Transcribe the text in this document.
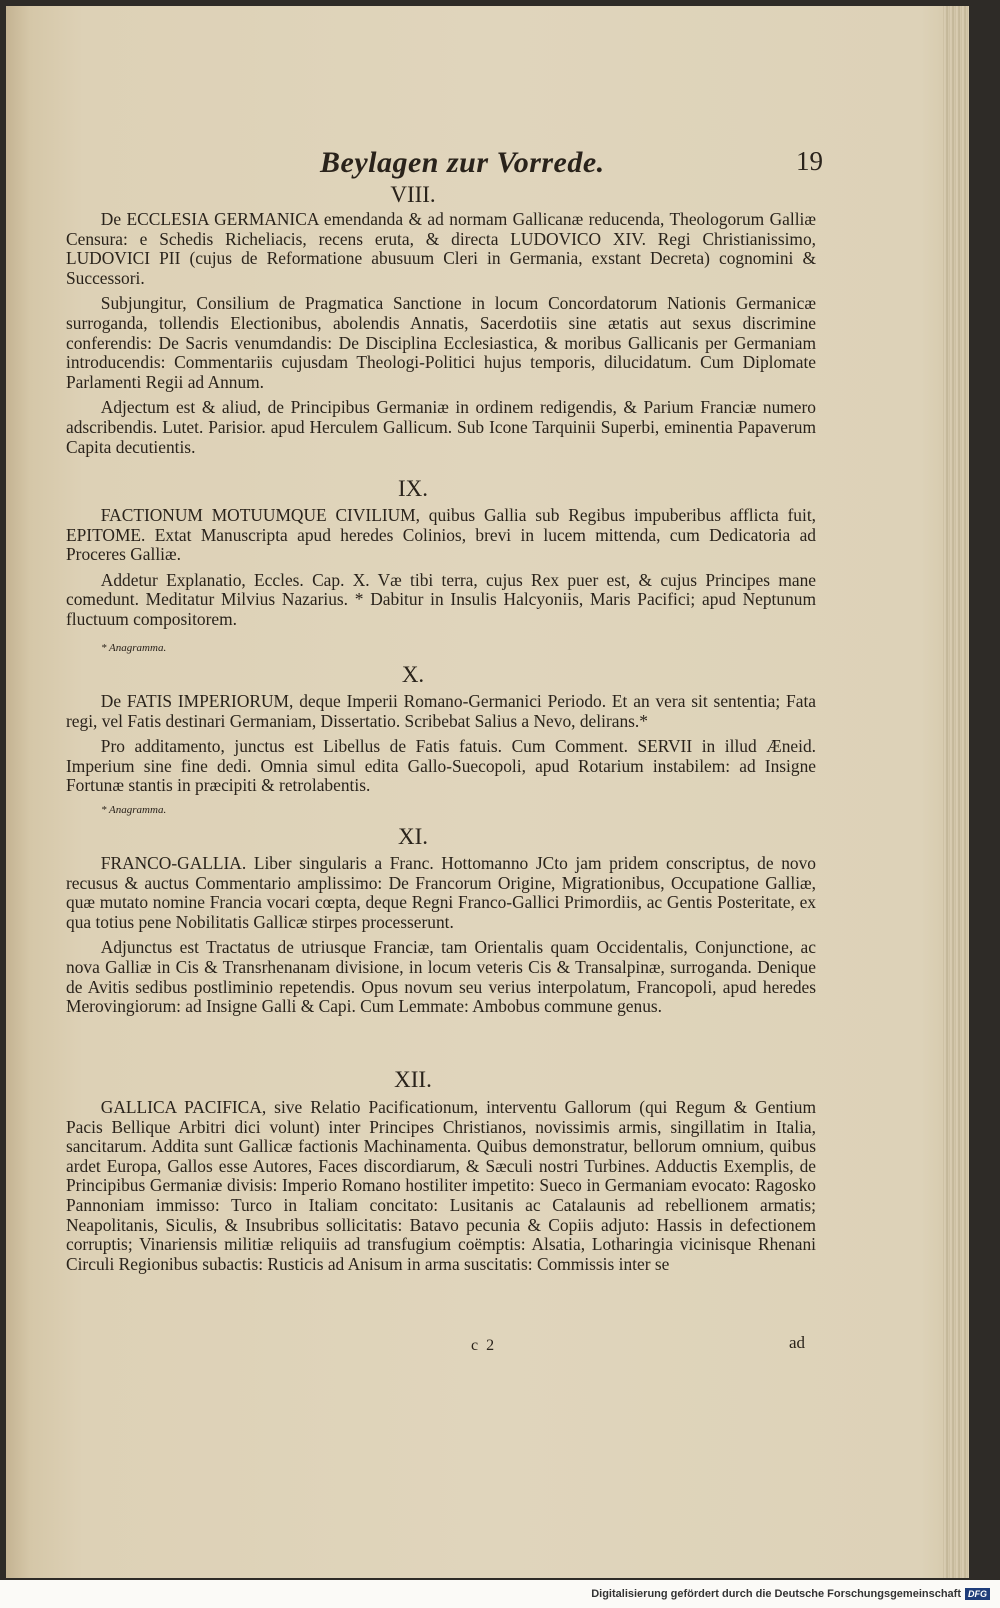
Beylagen zur Vorrede.	19
VIII.

De ECCLESIA GERMANICA emendanda & ad normam Gallicanæ reducenda, Theologorum Galliæ Censura: e Schedis Richeliacis, recens eruta, & directa LUDOVICO XIV. Regi Christianissimo, LUDOVICI PII (cujus de Reformatione abusuum Cleri in Germania, exstant Decreta) cognomini & Successori.

Subjungitur, Consilium de Pragmatica Sanctione in locum Concordatorum Nationis Germanicæ surroganda, tollendis Electionibus, abolendis Annatis, Sacerdotiis sine ætatis aut sexus discrimine conferendis: De Sacris venumdandis: De Disciplina Ecclesiastica, & moribus Gallicanis per Germaniam introducendis: Commentariis cujusdam Theologi-Politici hujus temporis, dilucidatum. Cum Diplomate Parlamenti Regii ad Annum.

Adjectum est & aliud, de Principibus Germaniæ in ordinem redigendis, & Parium Franciæ numero adscribendis. Lutet. Parisior. apud Herculem Gallicum. Sub Icone Tarquinii Superbi, eminentia Papaverum Capita decutientis.

IX.

FACTIONUM MOTUUMQUE CIVILIUM, quibus Gallia sub Regibus impuberibus afflicta fuit, EPITOME. Extat Manuscripta apud heredes Colinios, brevi in lucem mittenda, cum Dedicatoria ad Proceres Galliæ.

Addetur Explanatio, Eccles. Cap. X. Væ tibi terra, cujus Rex puer est, & cujus Principes mane comedunt. Meditatur Milvius Nazarius. * Dabitur in Insulis Halcyoniis, Maris Pacifici; apud Neptunum fluctuum compositorem.

* Anagramma.
X.

De FATIS IMPERIORUM, deque Imperii Romano-Germanici Periodo. Et an vera sit sententia; Fata regi, vel Fatis destinari Germaniam, Dissertatio. Scribebat Salius a Nevo, delirans.*

Pro additamento, junctus est Libellus de Fatis fatuis. Cum Comment. SERVII in illud Æneid. Imperium sine fine dedi. Omnia simul edita Gallo-Suecopoli, apud Rotarium instabilem: ad Insigne Fortunæ stantis in præcipiti & retrolabentis.

* Anagramma.
XI.

FRANCO-GALLIA. Liber singularis a Franc. Hottomanno JCto jam pridem conscriptus, de novo recusus & auctus Commentario amplissimo: De Francorum Origine, Migrationibus, Occupatione Galliæ, quæ mutato nomine Francia vocari cœpta, deque Regni Franco-Gallici Primordiis, ac Gentis Posteritate, ex qua totius pene Nobilitatis Gallicæ stirpes processerunt.

Adjunctus est Tractatus de utriusque Franciæ, tam Orientalis quam Occidentalis, Conjunctione, ac nova Galliæ in Cis & Transrhenanam divisione, in locum veteris Cis & Transalpinæ, surroganda. Denique de Avitis sedibus postliminio repetendis. Opus novum seu verius interpolatum, Francopoli, apud heredes Merovingiorum: ad Insigne Galli & Capi. Cum Lemmate: Ambobus commune genus.

XII.

GALLICA PACIFICA, sive Relatio Pacificationum, interventu Gallorum (qui Regum & Gentium Pacis Bellique Arbitri dici volunt) inter Principes Christianos, novissimis armis, singillatim in Italia, sancitarum. Addita sunt Gallicæ factionis Machinamenta. Quibus demonstratur, bellorum omnium, quibus ardet Europa, Gallos esse Autores, Faces discordiarum, & Sæculi nostri Turbines. Adductis Exemplis, de Principibus Germaniæ divisis: Imperio Romano hostiliter impetito: Sueco in Germaniam evocato: Ragosko Pannoniam immisso: Turco in Italiam concitato: Lusitanis ac Catalaunis ad rebellionem armatis; Neapolitanis, Siculis, & Insubribus sollicitatis: Batavo pecunia & Copiis adjuto: Hassis in defectionem corruptis; Vinariensis militiæ reliquiis ad transfugium coëmptis: Alsatia, Lotharingia vicinisque Rhenani Circuli Regionibus subactis: Rusticis ad Anisum in arma suscitatis: Commissis inter se

c 2	ad
Digitalisierung gefördert durch die Deutsche Forschungsgemeinschaft DFG
